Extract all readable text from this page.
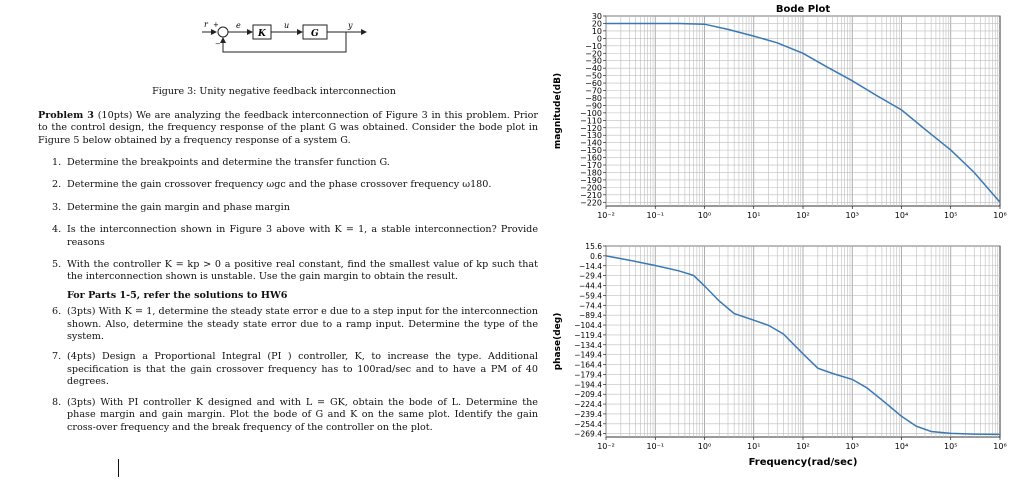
r +
−
e
K
u
G
y
Figure 3: Unity negative feedback interconnection
Problem 3 (10pts) We are analyzing the feedback interconnection of Figure 3 in this problem. Prior to the control design, the frequency response of the plant G was obtained. Consider the bode plot in Figure 5 below obtained by a frequency response of a system G.
1. Determine the breakpoints and determine the transfer function G.
2. Determine the gain crossover frequency ωgc and the phase crossover frequency ω180.
3. Determine the gain margin and phase margin
4. Is the interconnection shown in Figure 3 above with K = 1, a stable interconnection? Provide reasons
5. With the controller K = kp > 0 a positive real constant, find the smallest value of kp such that the interconnection shown is unstable. Use the gain margin to obtain the result.
For Parts 1-5, refer the solutions to HW6
6. (3pts) With K = 1, determine the steady state error e due to a step input for the interconnection shown. Also, determine the steady state error due to a ramp input. Determine the type of the system.
7. (4pts) Design a Proportional Integral (PI ) controller, K, to increase the type. Additional specification is that the gain crossover frequency has to 100rad/sec and to have a PM of 40 degrees.
8. (3pts) With PI controller K designed and with L = GK, obtain the bode of L. Determine the phase margin and gain margin. Plot the bode of G and K on the same plot. Identify the gain cross-over frequency and the break frequency of the controller on the plot.
Bode Plot
30
20
10
0
−10
−20
−30
−40
−50
−60
−70
−80
−90
−100
−110
−120
−130
−140
−150
−160
−170
−180
−190
−200
−210
−220
10⁻²	10⁻¹	10⁰	10¹	10²	10³	10⁴	10⁵	10⁶
magnitude(dB)
15.6
0.6
−14.4
−29.4
−44.4
−59.4
−74.4
−89.4
−104.4
−119.4
−134.4
−149.4
−164.4
−179.4
−194.4
−209.4
−224.4
−239.4
−254.4
−269.4
10⁻²	10⁻¹	10⁰	10¹	10²	10³	10⁴	10⁵	10⁶
phase(deg)
Frequency(rad/sec)
